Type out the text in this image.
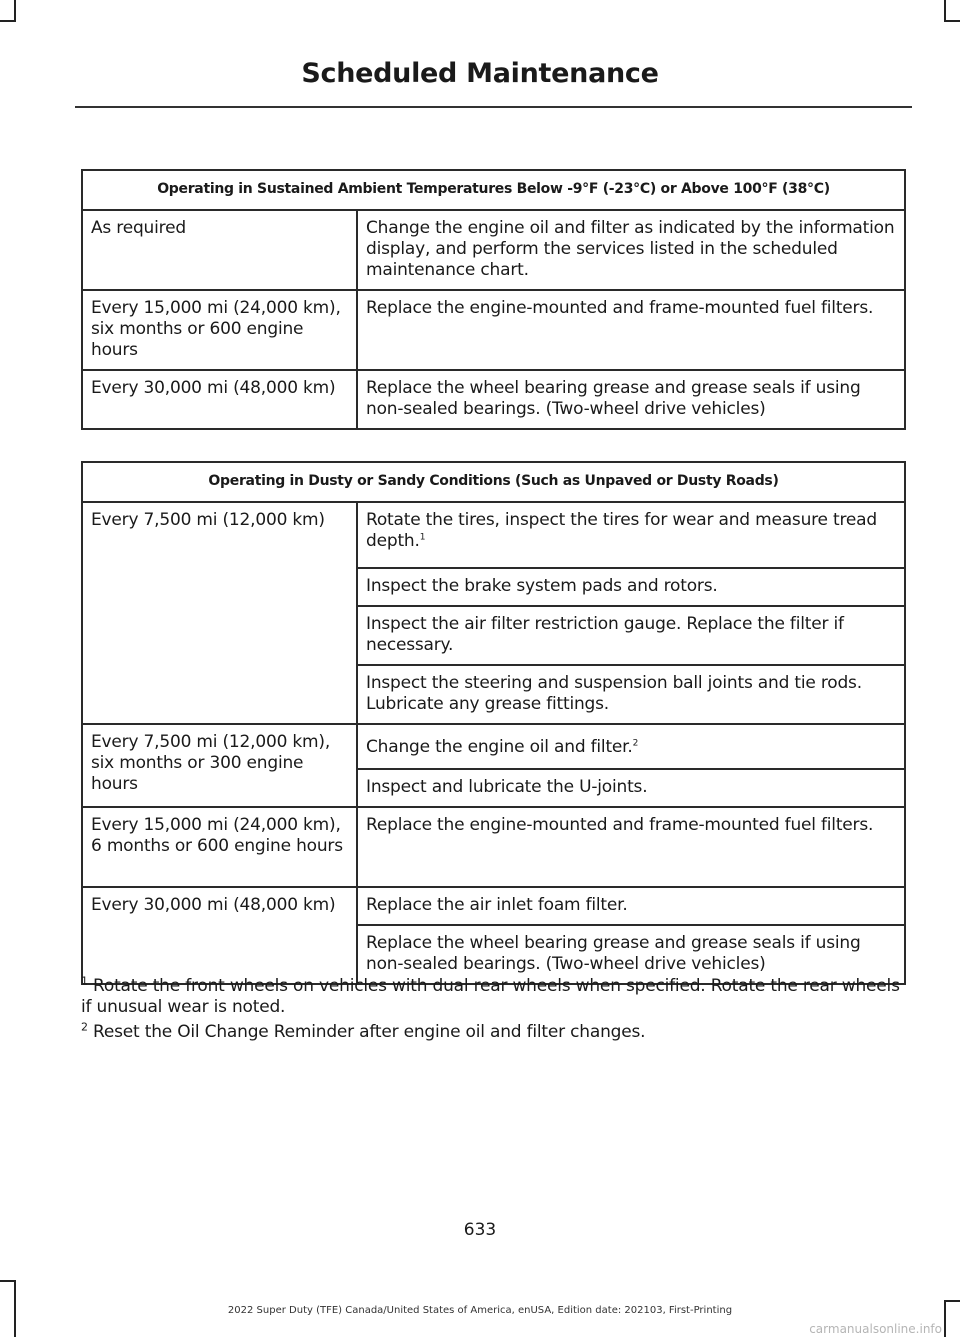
Scheduled Maintenance
Operating in Sustained Ambient Temperatures Below -9°F (-23°C) or Above 100°F (38°C)	
As required	Change the engine oil and filter as indicated by the information display, and perform the services listed in the scheduled maintenance chart.
Every 15,000 mi (24,000 km), six months or 600 engine hours	Replace the engine-mounted and frame-mounted fuel filters.
Every 30,000 mi (48,000 km)	Replace the wheel bearing grease and grease seals if using non-sealed bearings. (Two-wheel drive vehicles)
Operating in Dusty or Sandy Conditions (Such as Unpaved or Dusty Roads)	
Every 7,500 mi (12,000 km)	Rotate the tires, inspect the tires for wear and measure tread depth.$^1$
	Inspect the brake system pads and rotors.
	Inspect the air filter restriction gauge. Replace the filter if necessary.
	Inspect the steering and suspension ball joints and tie rods. Lubricate any grease fittings.
Every 7,500 mi (12,000 km), six months or 300 engine hours	Change the engine oil and filter.$^2$
	Inspect and lubricate the U-joints.
Every 15,000 mi (24,000 km), 6 months or 600 engine hours	Replace the engine-mounted and frame-mounted fuel filters.
Every 30,000 mi (48,000 km)	Replace the air inlet foam filter.
	Replace the wheel bearing grease and grease seals if using non-sealed bearings. (Two-wheel drive vehicles)

$^1$ Rotate the front wheels on vehicles with dual rear wheels when specified. Rotate the rear wheels if unusual wear is noted.

$^2$ Reset the Oil Change Reminder after engine oil and filter changes.

633
2022 Super Duty (TFE) Canada/United States of America, enUSA, Edition date: 202103, First-Printing
carmanualsonline.info
